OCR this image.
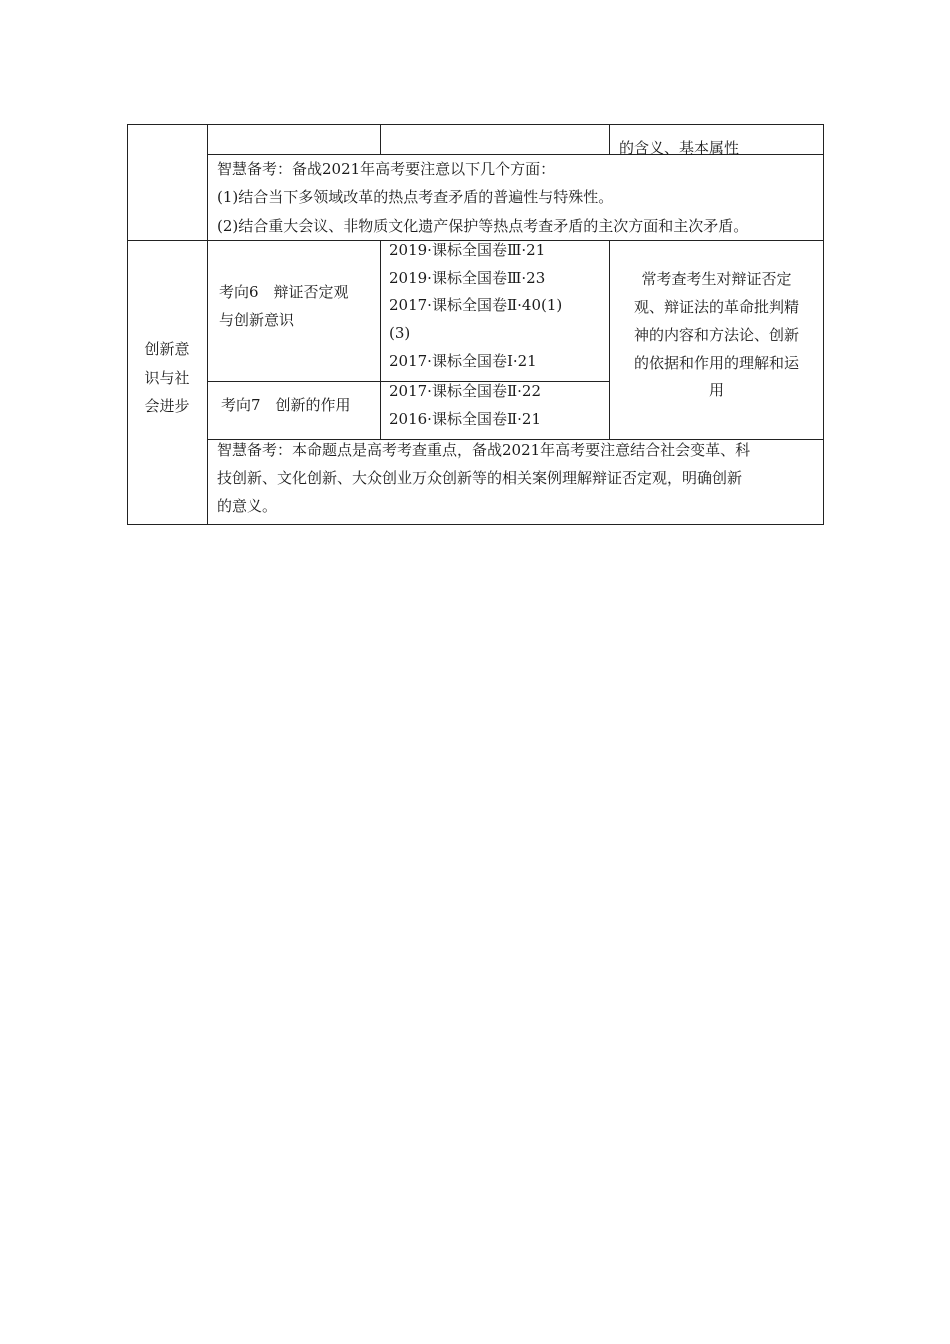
的含义、基本属性
智慧备考：备战2021年高考要注意以下几个方面：
(1)结合当下多领域改革的热点考查矛盾的普遍性与特殊性。
(2)结合重大会议、非物质文化遗产保护等热点考查矛盾的主次方面和主次矛盾。
创新意
识与社
会进步
考向6　辩证否定观
与创新意识
2019·课标全国卷Ⅲ·21
2019·课标全国卷Ⅲ·23
2017·课标全国卷Ⅱ·40(1)
(3)
2017·课标全国卷Ⅰ·21
考向7　创新的作用
2017·课标全国卷Ⅱ·22
2016·课标全国卷Ⅱ·21
常考查考生对辩证否定
观、辩证法的革命批判精
神的内容和方法论、创新
的依据和作用的理解和运
用
智慧备考：本命题点是高考考查重点，备战2021年高考要注意结合社会变革、科
技创新、文化创新、大众创业万众创新等的相关案例理解辩证否定观，明确创新
的意义。
